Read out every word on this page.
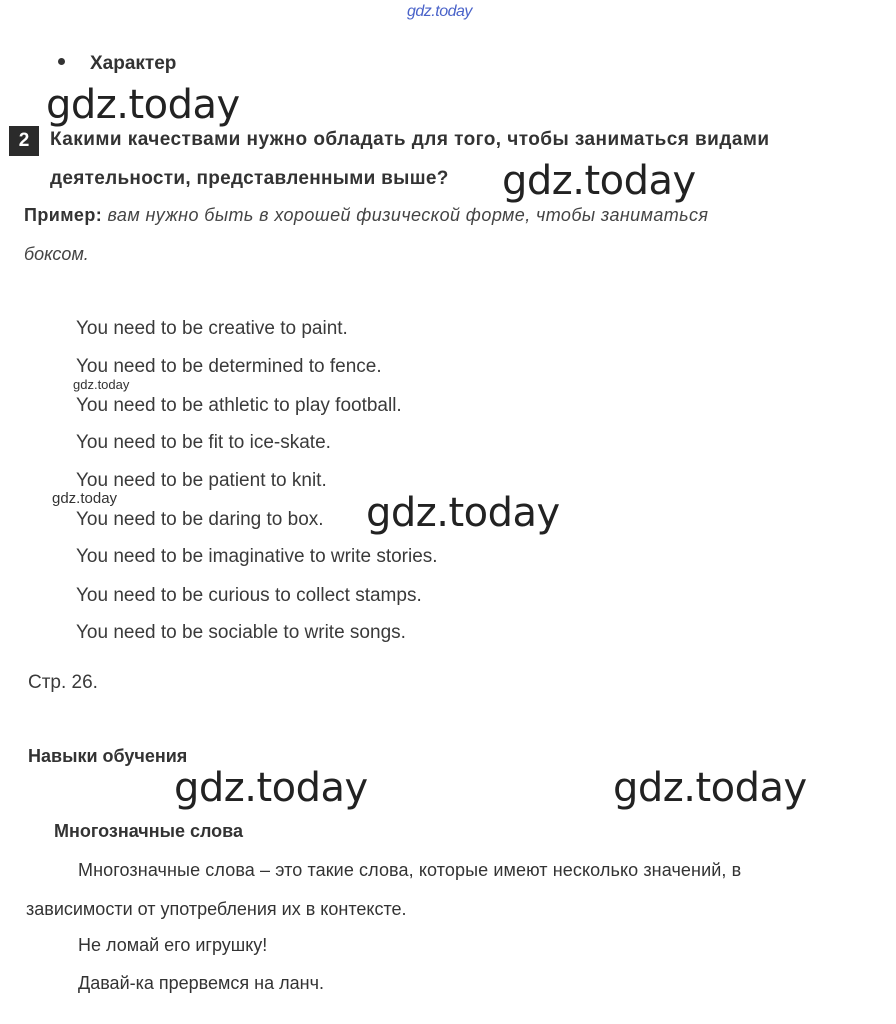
gdz.today
Характер
gdz.today
2	Какими качествами нужно обладать для того, чтобы заниматься видами
деятельности, представленными выше? gdz.today
Пример: вам нужно быть в хорошей физической форме, чтобы заниматься
боксом.
You need to be creative to paint.
You need to be determined to fence.
gdz.today
You need to be athletic to play football.
You need to be fit to ice-skate.
You need to be patient to knit.
gdz.today
You need to be daring to box. gdz.today
You need to be imaginative to write stories.
You need to be curious to collect stamps.
You need to be sociable to write songs.
Стр. 26.
Навыки обучения
gdz.today	gdz.today
Многозначные слова
Многозначные слова – это такие слова, которые имеют несколько значений, в
зависимости от употребления их в контексте.
Не ломай его игрушку!
Давай-ка прервемся на ланч.
